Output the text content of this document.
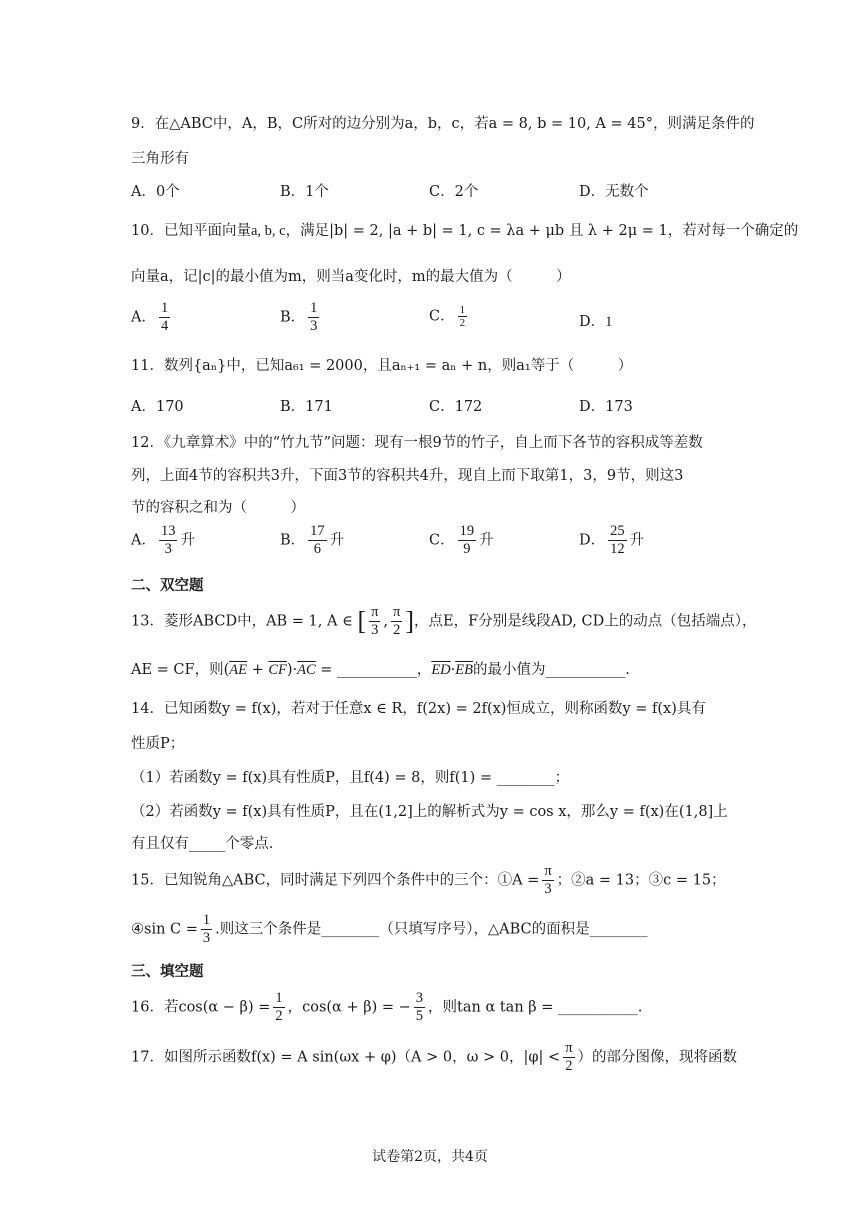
9．在△ABC中，A，B，C所对的边分别为a，b，c，若a = 8, b = 10, A = 45°，则满足条件的
三角形有
A．0个	B．1个	C．2个	D．无数个
10．已知平面向量a, b, c，满足|b| = 2, |a + b| = 1, c = λa + μb 且 λ + 2μ = 1，若对每一个确定的
向量a，记|c|的最小值为m，则当a变化时，m的最大值为（　　　）
A． $\frac{1}{4}$	B． $\frac{1}{3}$	C． $\frac{1}{2}$	D．1
11．数列{aₙ}中，已知a₆₁ = 2000，且aₙ₊₁ = aₙ + n，则a₁等于（　　　）
A．170	B．171	C．172	D．173
12．《九章算术》中的“竹九节”问题：现有一根9节的竹子，自上而下各节的容积成等差数
列，上面4节的容积共3升，下面3节的容积共4升，现自上而下取第1，3，9节，则这3
节的容积之和为（　　　）
A． $\frac{13}{3}$ 升	B． $\frac{17}{6}$ 升	C． $\frac{19}{9}$ 升	D． $\frac{25}{12}$ 升
二、双空题
13．菱形ABCD中，AB = 1, A ∈ [ $\frac{\pi}{3}$ , $\frac{\pi}{2}$ ]，点E，F分别是线段AD, CD上的动点（包括端点），
AE = CF，则$(\overline{AE} + \overline{CF})\cdot\overline{AC}$ = ___________，$\overline{ED}\cdot\overline{EB}$的最小值为___________.
14．已知函数y = f(x)，若对于任意x ∈ R，f(2x) = 2f(x)恒成立，则称函数y = f(x)具有
性质P；
（1）若函数y = f(x)具有性质P，且f(4) = 8，则f(1) = ________；
（2）若函数y = f(x)具有性质P，且在(1,2]上的解析式为y = cos x，那么y = f(x)在(1,8]上
有且仅有_____个零点.
15．已知锐角△ABC，同时满足下列四个条件中的三个：①A = $\frac{\pi}{3}$ ；②a = 13；③c = 15；
④sin $C = \frac{1}{3}$ .则这三个条件是________（只填写序号），△ABC的面积是________
三、填空题
16．若$\cos(\alpha - \beta) = \frac{1}{2}$ ，cos(α + β) = − $\frac{3}{5}$ ，则tan α tan β = ___________.
17．如图所示函数f(x) = A sin(ωx + φ)（A > 0，ω > 0，$|\varphi| < \frac{\pi}{2}$ ）的部分图像，现将函数
试卷第2页，共4页
